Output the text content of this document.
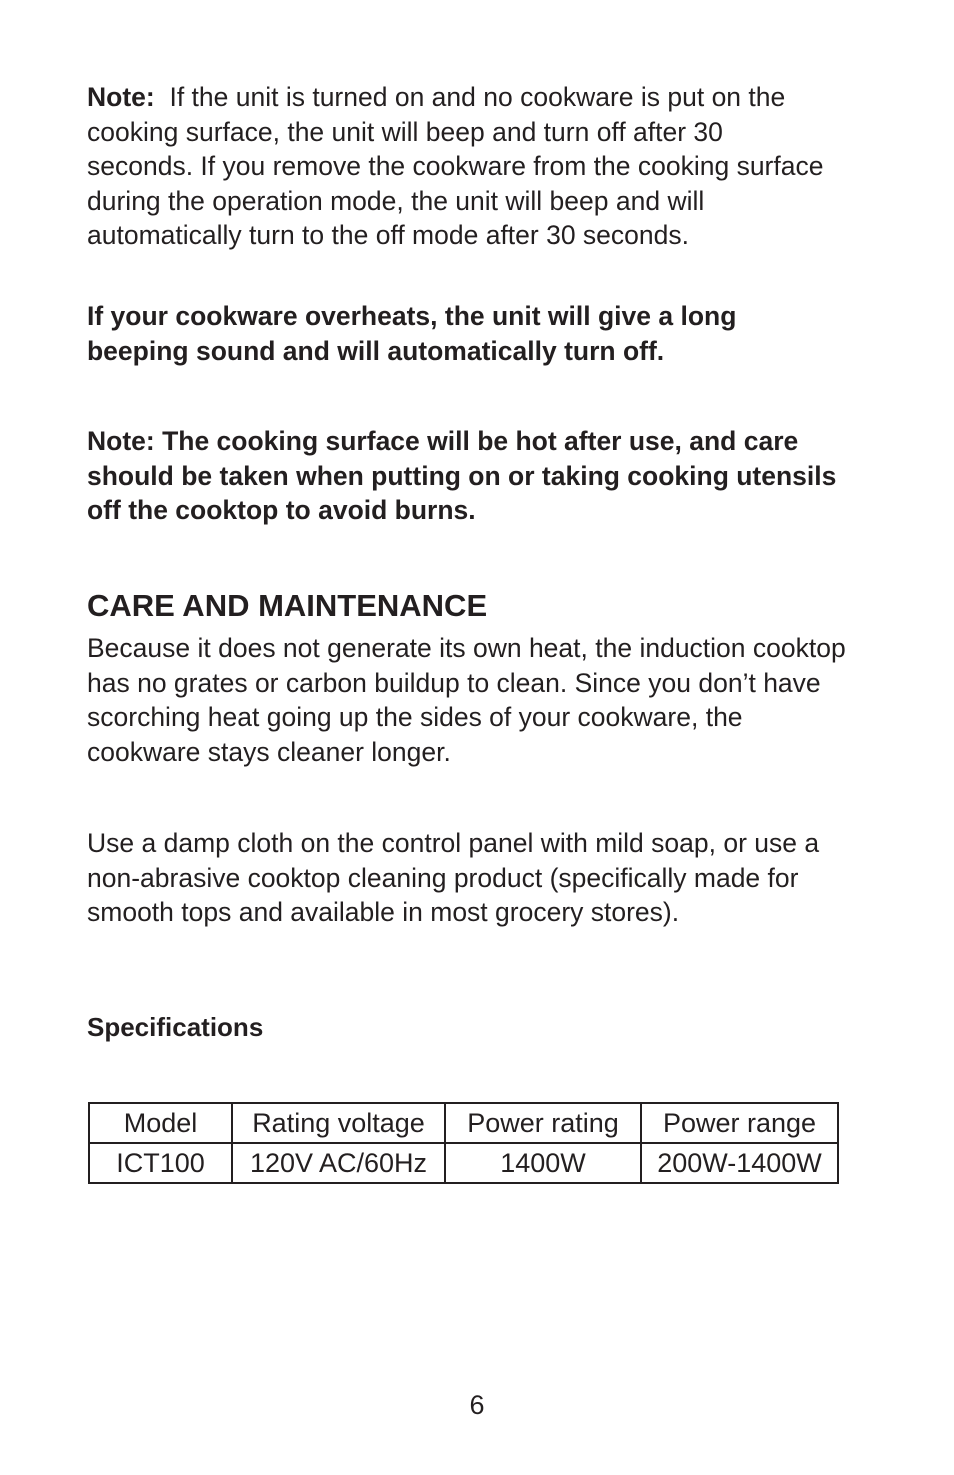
Note: If the unit is turned on and no cookware is put on the cooking surface, the unit will beep and turn off after 30 seconds. If you remove the cookware from the cooking surface during the operation mode, the unit will beep and will automatically turn to the off mode after 30 seconds.

If your cookware overheats, the unit will give a long beeping sound and will automatically turn off.

Note: The cooking surface will be hot after use, and care should be taken when putting on or taking cooking utensils off the cooktop to avoid burns.

CARE AND MAINTENANCE

Because it does not generate its own heat, the induction cooktop has no grates or carbon buildup to clean. Since you don’t have scorching heat going up the sides of your cookware, the cookware stays cleaner longer.

Use a damp cloth on the control panel with mild soap, or use a non-abrasive cooktop cleaning product (specifically made for smooth tops and available in most grocery stores).

Specifications
Model	Rating voltage	Power rating	Power range
ICT100	120V AC/60Hz	1400W	200W-1400W
6
